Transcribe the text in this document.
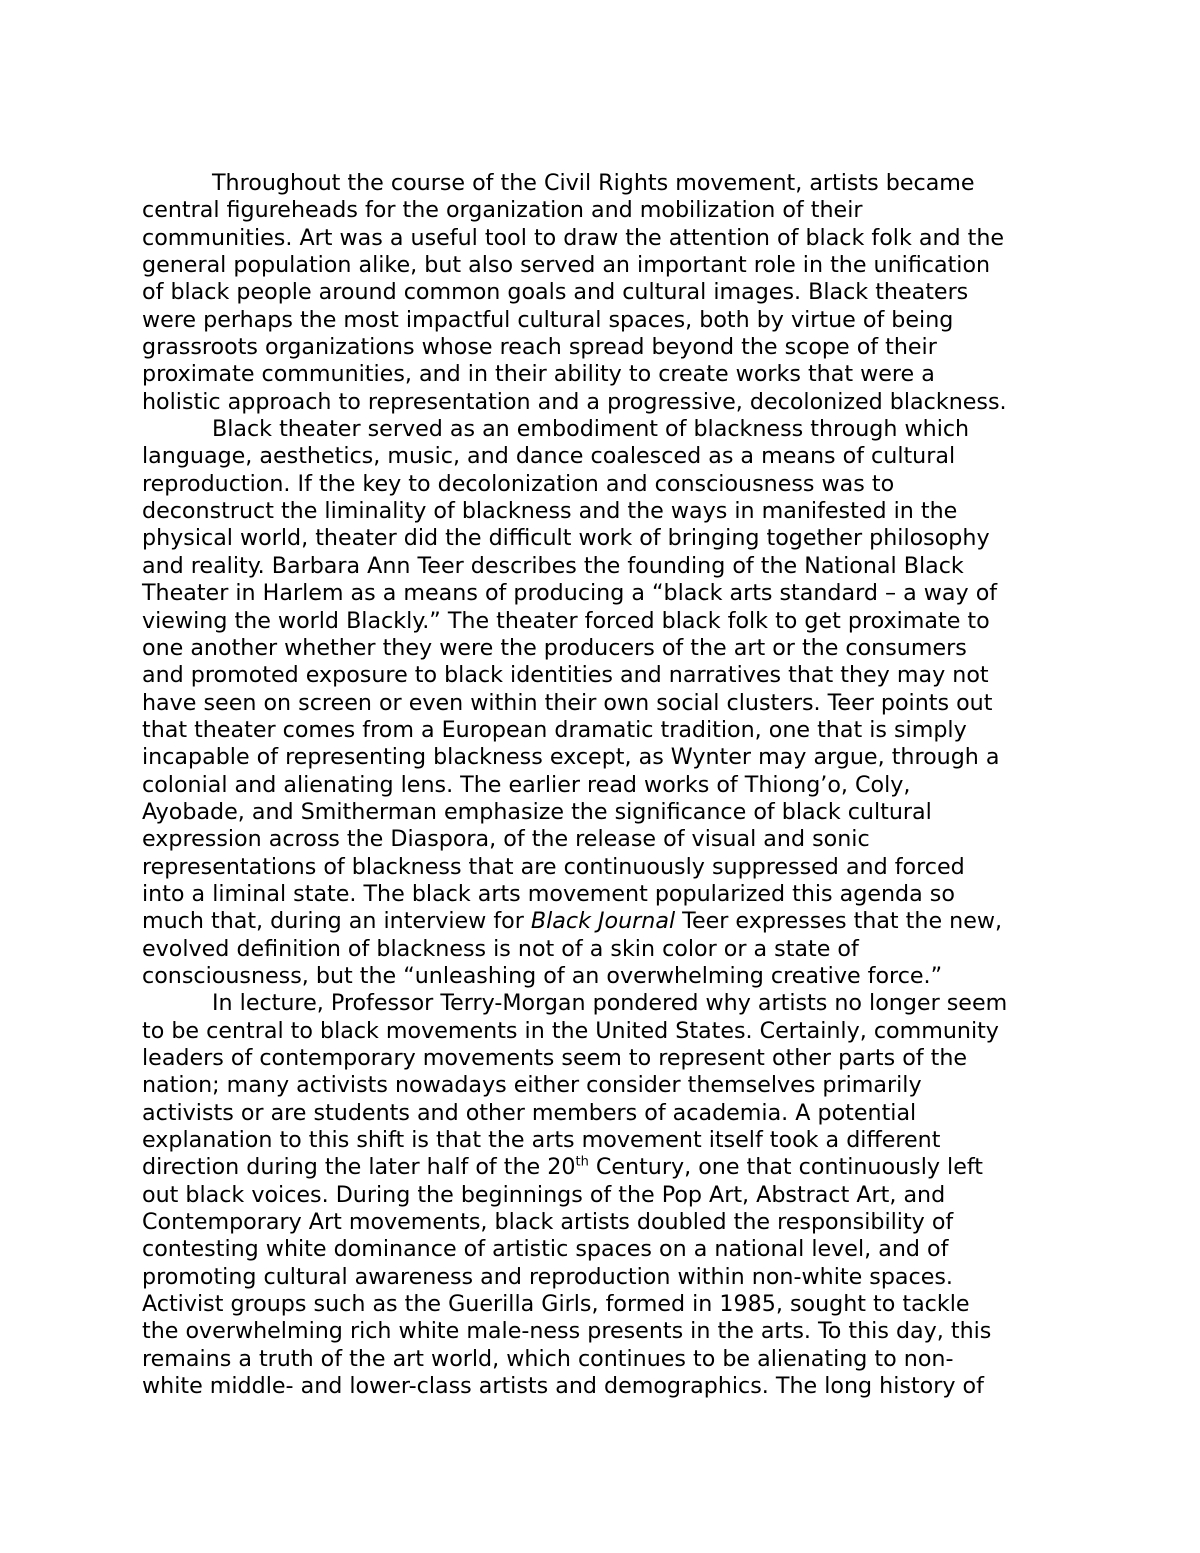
Throughout the course of the Civil Rights movement, artists became
central figureheads for the organization and mobilization of their
communities. Art was a useful tool to draw the attention of black folk and the
general population alike, but also served an important role in the unification
of black people around common goals and cultural images. Black theaters
were perhaps the most impactful cultural spaces, both by virtue of being
grassroots organizations whose reach spread beyond the scope of their
proximate communities, and in their ability to create works that were a
holistic approach to representation and a progressive, decolonized blackness.

Black theater served as an embodiment of blackness through which
language, aesthetics, music, and dance coalesced as a means of cultural
reproduction. If the key to decolonization and consciousness was to
deconstruct the liminality of blackness and the ways in manifested in the
physical world, theater did the difficult work of bringing together philosophy
and reality. Barbara Ann Teer describes the founding of the National Black
Theater in Harlem as a means of producing a “black arts standard – a way of
viewing the world Blackly.” The theater forced black folk to get proximate to
one another whether they were the producers of the art or the consumers
and promoted exposure to black identities and narratives that they may not
have seen on screen or even within their own social clusters. Teer points out
that theater comes from a European dramatic tradition, one that is simply
incapable of representing blackness except, as Wynter may argue, through a
colonial and alienating lens. The earlier read works of Thiong’o, Coly,
Ayobade, and Smitherman emphasize the significance of black cultural
expression across the Diaspora, of the release of visual and sonic
representations of blackness that are continuously suppressed and forced
into a liminal state. The black arts movement popularized this agenda so
much that, during an interview for Black Journal Teer expresses that the new,
evolved definition of blackness is not of a skin color or a state of
consciousness, but the “unleashing of an overwhelming creative force.”

In lecture, Professor Terry-Morgan pondered why artists no longer seem
to be central to black movements in the United States. Certainly, community
leaders of contemporary movements seem to represent other parts of the
nation; many activists nowadays either consider themselves primarily
activists or are students and other members of academia. A potential
explanation to this shift is that the arts movement itself took a different
direction during the later half of the 20th Century, one that continuously left
out black voices. During the beginnings of the Pop Art, Abstract Art, and
Contemporary Art movements, black artists doubled the responsibility of
contesting white dominance of artistic spaces on a national level, and of
promoting cultural awareness and reproduction within non-white spaces.
Activist groups such as the Guerilla Girls, formed in 1985, sought to tackle
the overwhelming rich white male-ness presents in the arts. To this day, this
remains a truth of the art world, which continues to be alienating to non-
white middle- and lower-class artists and demographics. The long history of
